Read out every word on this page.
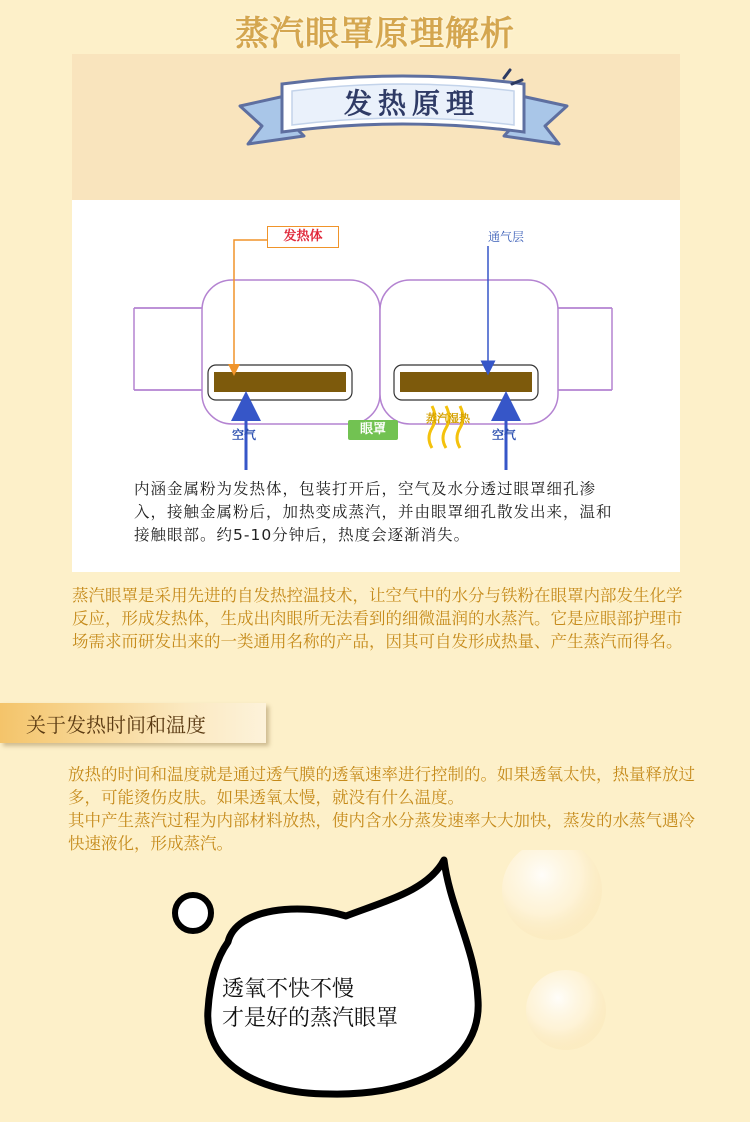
蒸汽眼罩原理解析
发热原理
发热体	通气层
空气	空气
蒸汽湿热
眼罩
内涵金属粉为发热体，包装打开后，空气及水分透过眼罩细孔渗入，接触金属粉后，加热变成蒸汽，并由眼罩细孔散发出来，温和接触眼部。约5-10分钟后，热度会逐渐消失。
蒸汽眼罩是采用先进的自发热控温技术，让空气中的水分与铁粉在眼罩内部发生化学反应，形成发热体，生成出肉眼所无法看到的细微温润的水蒸汽。它是应眼部护理市场需求而研发出来的一类通用名称的产品，因其可自发形成热量、产生蒸汽而得名。
关于发热时间和温度
放热的时间和温度就是通过透气膜的透氧速率进行控制的。如果透氧太快，热量释放过多，可能烫伤皮肤。如果透氧太慢，就没有什么温度。
其中产生蒸汽过程为内部材料放热，使内含水分蒸发速率大大加快，蒸发的水蒸气遇冷快速液化，形成蒸汽。
透氧不快不慢
才是好的蒸汽眼罩
